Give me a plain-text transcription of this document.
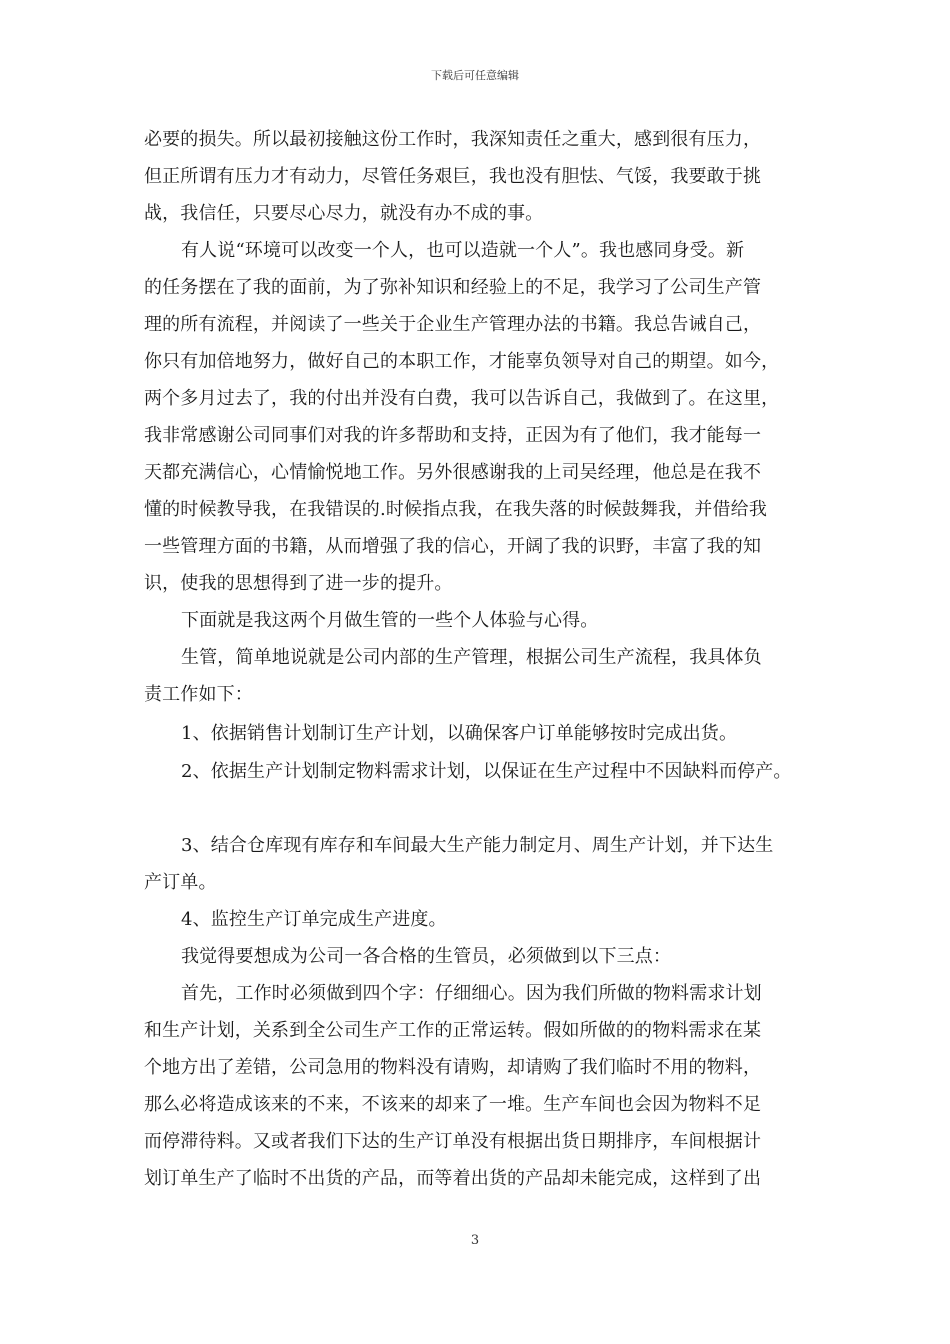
下载后可任意编辑
必要的损失。所以最初接触这份工作时，我深知责任之重大，感到很有压力，
但正所谓有压力才有动力，尽管任务艰巨，我也没有胆怯、气馁，我要敢于挑
战，我信任，只要尽心尽力，就没有办不成的事。
有人说“环境可以改变一个人，也可以造就一个人”。我也感同身受。新
的任务摆在了我的面前，为了弥补知识和经验上的不足，我学习了公司生产管
理的所有流程，并阅读了一些关于企业生产管理办法的书籍。我总告诫自己，
你只有加倍地努力，做好自己的本职工作，才能辜负领导对自己的期望。如今，
两个多月过去了，我的付出并没有白费，我可以告诉自己，我做到了。在这里，
我非常感谢公司同事们对我的许多帮助和支持，正因为有了他们，我才能每一
天都充满信心，心情愉悦地工作。另外很感谢我的上司吴经理，他总是在我不
懂的时候教导我，在我错误的.时候指点我，在我失落的时候鼓舞我，并借给我
一些管理方面的书籍，从而增强了我的信心，开阔了我的识野，丰富了我的知
识，使我的思想得到了进一步的提升。
下面就是我这两个月做生管的一些个人体验与心得。
生管，简单地说就是公司内部的生产管理，根据公司生产流程，我具体负
责工作如下：
1、依据销售计划制订生产计划，以确保客户订单能够按时完成出货。
2、依据生产计划制定物料需求计划，以保证在生产过程中不因缺料而停产。
3、结合仓库现有库存和车间最大生产能力制定月、周生产计划，并下达生
产订单。
4、监控生产订单完成生产进度。
我觉得要想成为公司一各合格的生管员，必须做到以下三点：
首先，工作时必须做到四个字：仔细细心。因为我们所做的物料需求计划
和生产计划，关系到全公司生产工作的正常运转。假如所做的的物料需求在某
个地方出了差错，公司急用的物料没有请购，却请购了我们临时不用的物料，
那么必将造成该来的不来，不该来的却来了一堆。生产车间也会因为物料不足
而停滞待料。又或者我们下达的生产订单没有根据出货日期排序，车间根据计
划订单生产了临时不出货的产品，而等着出货的产品却未能完成，这样到了出
3
